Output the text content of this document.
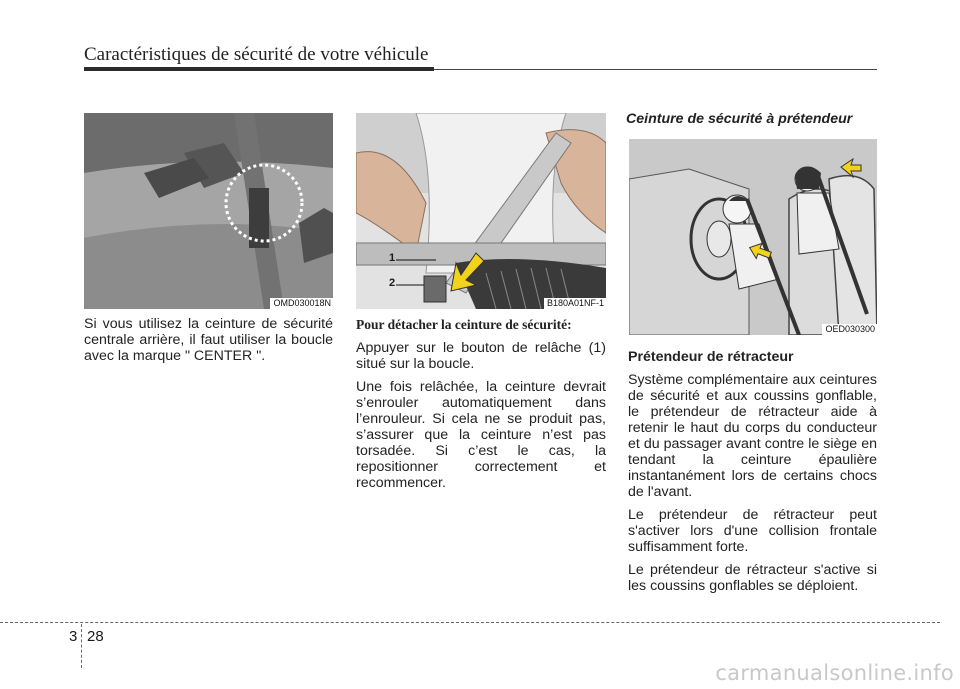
Caractéristiques de sécurité de votre véhicule
OMD030018N
1
2
B180A01NF-1
OED030300

Si vous utilisez la ceinture de sécurité centrale arrière, il faut utiliser la boucle avec la marque " CENTER ".

Pour détacher la ceinture de sécurité:

Appuyer sur le bouton de relâche (1) situé sur la boucle.

Une fois relâchée, la ceinture devrait s’enrouler automatiquement dans l’enrouleur. Si cela ne se produit pas, s’assurer que la ceinture n’est pas torsadée. Si c’est le cas, la repositionner correctement et recommencer.

Ceinture de sécurité à prétendeur

Prétendeur de rétracteur

Système complémentaire aux ceintures de sécurité et aux coussins gonflable, le prétendeur de rétracteur aide à retenir le haut du corps du conducteur et du passager avant contre le siège en tendant la ceinture épaulière instantanément lors de certains chocs de l'avant.

Le prétendeur de rétracteur peut s'activer lors d'une collision frontale suffisamment forte.

Le prétendeur de rétracteur s'active si les coussins gonflables se déploient.

3 28
carmanualsonline.info
